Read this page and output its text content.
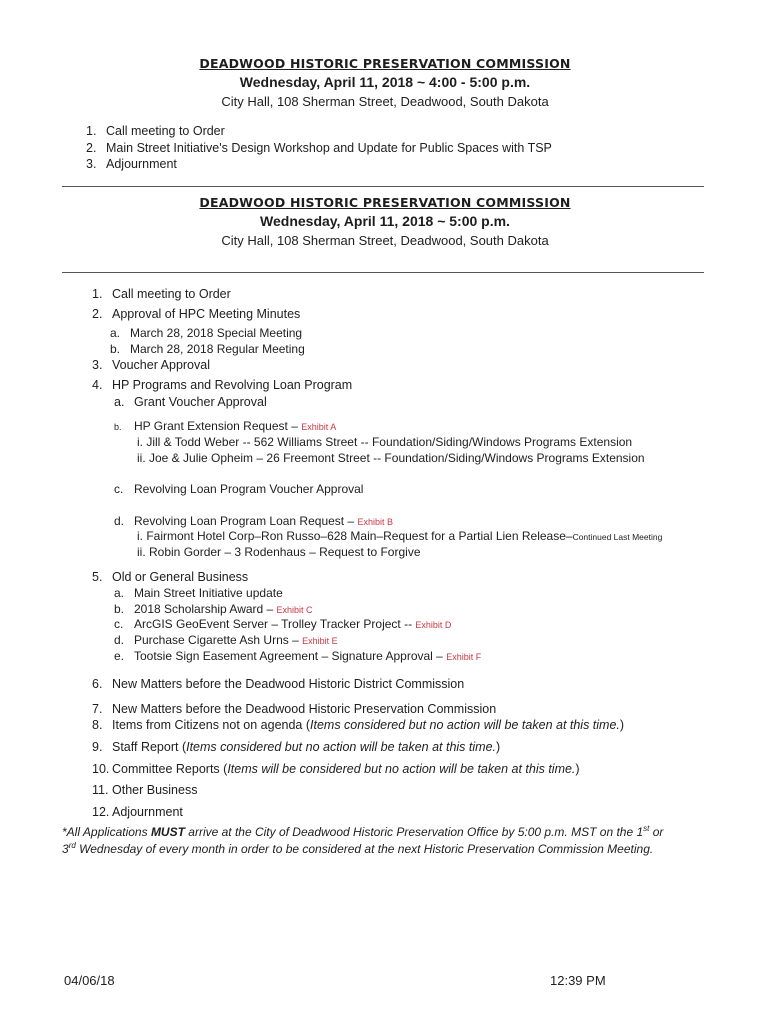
DEADWOOD HISTORIC PRESERVATION COMMISSION
Wednesday, April 11, 2018 ~ 4:00 - 5:00 p.m.
City Hall, 108 Sherman Street, Deadwood, South Dakota
1. Call meeting to Order
2. Main Street Initiative's Design Workshop and Update for Public Spaces with TSP
3. Adjournment
DEADWOOD HISTORIC PRESERVATION COMMISSION
Wednesday, April 11, 2018 ~ 5:00 p.m.
City Hall, 108 Sherman Street, Deadwood, South Dakota
1. Call meeting to Order
2. Approval of HPC Meeting Minutes
a. March 28, 2018 Special Meeting
b. March 28, 2018 Regular Meeting
3. Voucher Approval
4. HP Programs and Revolving Loan Program
a. Grant Voucher Approval
b. HP Grant Extension Request – Exhibit A
i. Jill & Todd Weber -- 562 Williams Street -- Foundation/Siding/Windows Programs Extension
ii. Joe & Julie Opheim – 26 Freemont Street -- Foundation/Siding/Windows Programs Extension
c. Revolving Loan Program Voucher Approval
d. Revolving Loan Program Loan Request – Exhibit B
i. Fairmont Hotel Corp–Ron Russo–628 Main–Request for a Partial Lien Release–Continued Last Meeting
ii. Robin Gorder – 3 Rodenhaus – Request to Forgive
5. Old or General Business
a. Main Street Initiative update
b. 2018 Scholarship Award – Exhibit C
c. ArcGIS GeoEvent Server – Trolley Tracker Project -- Exhibit D
d. Purchase Cigarette Ash Urns – Exhibit E
e. Tootsie Sign Easement Agreement – Signature Approval – Exhibit F
6. New Matters before the Deadwood Historic District Commission
7. New Matters before the Deadwood Historic Preservation Commission
8. Items from Citizens not on agenda (Items considered but no action will be taken at this time.)
9. Staff Report (Items considered but no action will be taken at this time.)
10. Committee Reports (Items will be considered but no action will be taken at this time.)
11. Other Business
12. Adjournment
*All Applications MUST arrive at the City of Deadwood Historic Preservation Office by 5:00 p.m. MST on the 1st or
3rd Wednesday of every month in order to be considered at the next Historic Preservation Commission Meeting.
04/06/18	12:39 PM
